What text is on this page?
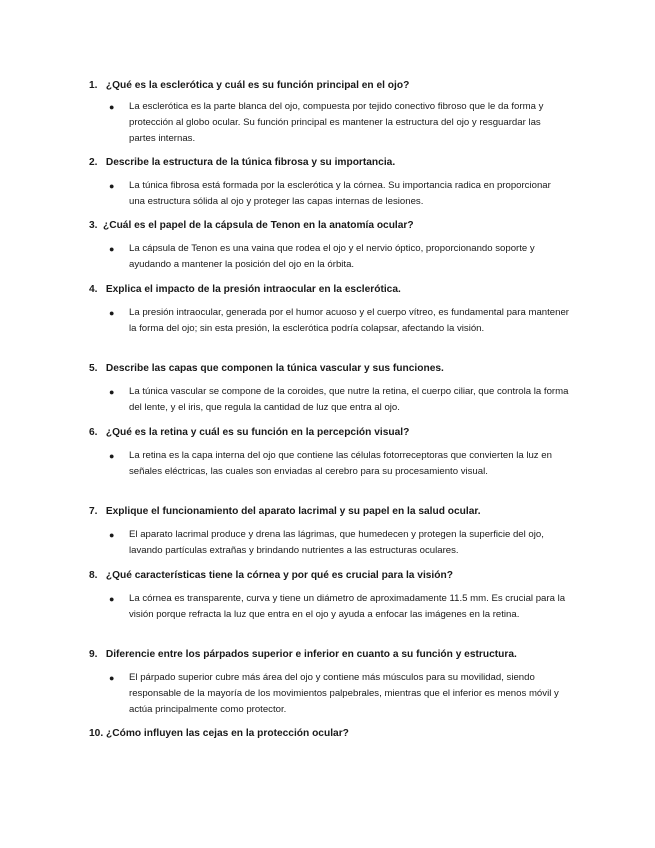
1. ¿Qué es la esclerótica y cuál es su función principal en el ojo?
● La esclerótica es la parte blanca del ojo, compuesta por tejido conectivo fibroso que le da forma y protección al globo ocular. Su función principal es mantener la estructura del ojo y resguardar las partes internas.
2. Describe la estructura de la túnica fibrosa y su importancia.
● La túnica fibrosa está formada por la esclerótica y la córnea. Su importancia radica en proporcionar una estructura sólida al ojo y proteger las capas internas de lesiones.
3. ¿Cuál es el papel de la cápsula de Tenon en la anatomía ocular?
● La cápsula de Tenon es una vaina que rodea el ojo y el nervio óptico, proporcionando soporte y ayudando a mantener la posición del ojo en la órbita.
4. Explica el impacto de la presión intraocular en la esclerótica.
● La presión intraocular, generada por el humor acuoso y el cuerpo vítreo, es fundamental para mantener la forma del ojo; sin esta presión, la esclerótica podría colapsar, afectando la visión.
5. Describe las capas que componen la túnica vascular y sus funciones.
● La túnica vascular se compone de la coroides, que nutre la retina, el cuerpo ciliar, que controla la forma del lente, y el iris, que regula la cantidad de luz que entra al ojo.
6. ¿Qué es la retina y cuál es su función en la percepción visual?
● La retina es la capa interna del ojo que contiene las células fotorreceptoras que convierten la luz en señales eléctricas, las cuales son enviadas al cerebro para su procesamiento visual.
7. Explique el funcionamiento del aparato lacrimal y su papel en la salud ocular.
● El aparato lacrimal produce y drena las lágrimas, que humedecen y protegen la superficie del ojo, lavando partículas extrañas y brindando nutrientes a las estructuras oculares.
8. ¿Qué características tiene la córnea y por qué es crucial para la visión?
● La córnea es transparente, curva y tiene un diámetro de aproximadamente 11.5 mm. Es crucial para la visión porque refracta la luz que entra en el ojo y ayuda a enfocar las imágenes en la retina.
9. Diferencie entre los párpados superior e inferior en cuanto a su función y estructura.
● El párpado superior cubre más área del ojo y contiene más músculos para su movilidad, siendo responsable de la mayoría de los movimientos palpebrales, mientras que el inferior es menos móvil y actúa principalmente como protector.
10. ¿Cómo influyen las cejas en la protección ocular?
